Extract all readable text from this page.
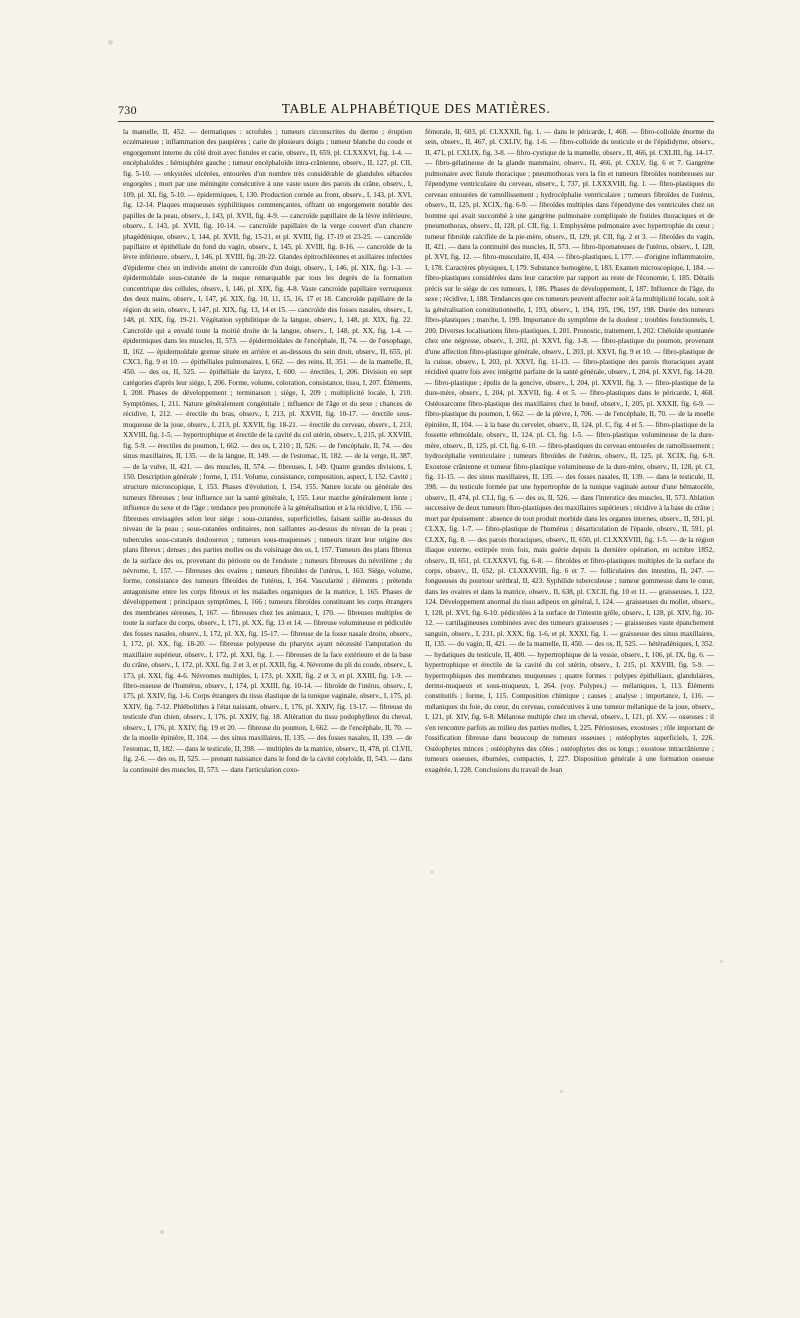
730	TABLE ALPHABÉTIQUE DES MATIÈRES.

la mamelle, II, 452. — dermatiques : scrofules ; tumeurs circonscrites du derme ; éruption eczémateuse ; inflammation des paupières ; carie de plusieurs doigts ; tumeur blanche du coude et engorgement interne du côté droit avec fistules et carie, observ., II, 659, pl. CLXXXVI, fig. 1-4. — encéphaloïdes : hémisphère gauche ; tumeur encéphaloïde intra-crânienne, observ., II, 127, pl. CII, fig. 5-10. — enkystées ulcérées, entourées d'un nombre très considérable de glandules sébacées engorgées ; mort par une méningite consécutive à une vaste usure des parois du crâne, observ., I, 109, pl. XI, fig. 5-10. — épidermiques, I, 130. Production cornée au front, observ., I, 143, pl. XVI, fig. 12-14. Plaques muqueuses syphilitiques commençantes, offrant un engorgement notable des papilles de la peau, observ., I, 143, pl. XVII, fig. 4-9. — cancroïde papillaire de la lèvre inférieure, observ., I, 143, pl. XVII, fig. 10-14. — cancroïde papillaire de la verge couvert d'un chancre phagédénique, observ., I, 144, pl. XVII, fig. 15-21, et pl. XVIII, fig. 17-19 et 23-25. — cancroïde papillaire et épithéliale du fond du vagin, observ., I, 145, pl. XVIII, fig. 8-16. — cancroïde de la lèvre inférieure, observ., I, 146, pl. XVIII, fig. 20-22. Glandes épitrochléennes et axillaires infectées d'épiderme chez un individu atteint de cancroïde d'un doigt, observ., I, 146, pl. XIX, fig. 1-3. — épidermoïdale sous-cutanée de la nuque remarquable par tous les degrés de la formation concentrique des cellules, observ., I, 146, pl. XIX, fig. 4-8. Vaste cancroïde papillaire verruqueux des deux mains, observ., I, 147, pl. XIX, fig. 10, 11, 15, 16, 17 et 18. Cancroïde papillaire de la région du sein, observ., I, 147, pl. XIX, fig. 13, 14 et 15. — cancroïde des fosses nasales, observ., I, 148, pl. XIX, fig. 19-21. Végétation syphilitique de la langue, observ., I, 148, pl. XIX, fig. 22. Cancroïde qui a envahi toute la moitié droite de la langue, observ., I, 148, pl. XX, fig. 1-4. — épidermiques dans les muscles, II, 573. — épidermoïdales de l'encéphale, II, 74. — de l'œsophage, II, 162. — épidermoïdale grenue située en arrière et au-dessous du sein droit, observ., II, 655, pl. CXCI, fig. 9 et 10. — épithéliales pulmonaires, I, 662. — des reins, II, 351. — de la mamelle, II, 450. — des os, II, 525. — épithéliale du larynx, I, 600. — érectiles, I, 206. Division en sept catégories d'après leur siége, I, 206. Forme, volume, coloration, consistance, tissu, I, 207. Éléments, I, 208. Phases de développement ; terminaison ; siége, I, 209 ; multiplicité locale, I, 210. Symptômes, I, 211. Nature généralement congénitale ; influence de l'âge et du sexe ; chances de récidive, I, 212. — érectile du bras, observ., I, 213, pl. XXVII, fig. 10-17. — érectile sous-muqueuse de la joue, observ., I, 213, pl. XXVII, fig. 18-21. — érectile du cerveau, observ., I, 213, XXVIII, fig. 1-5. — hypertrophique et érectile de la cavité du col utérin, observ., I, 215, pl. XXVIII, fig. 5-9. — érectiles du poumon, I, 662. — des os, I, 210 ; II, 526. — de l'encéphale, II, 74. — des sinus maxillaires, II, 135. — de la langue, II, 149. — de l'estomac, II, 182. — de la verge, II, 387. — de la vulve, II, 421. — des muscles, II, 574. — fibreuses, I, 149. Quatre grandes divisions, I, 150. Description générale ; forme, I, 151. Volume, consistance, composition, aspect, I, 152. Cavité ; structure microscopique, I, 153. Phases d'évolution, I, 154, 155. Nature locale ou générale des tumeurs fibreuses ; leur influence sur la santé générale, I, 155. Leur marche généralement lente ; influence du sexe et de l'âge ; tendance peu prononcée à la généralisation et à la récidive, I, 156. — fibreuses envisagées selon leur siége : sous-cutanées, superficielles, faisant saillie au-dessus du niveau de la peau ; sous-cutanées ordinaires, non saillantes au-dessus du niveau de la peau ; tubercules sous-cutanés douloureux ; tumeurs sous-muqueuses ; tumeurs tirant leur origine des plans fibreux ; denses ; des parties molles ou du voisinage des os, I, 157. Tumeurs des plans fibreux de la surface des os, provenant du périoste ou de l'endoste ; tumeurs fibreuses du névrilème ; du névrome, I, 157. — fibreuses des ovaires ; tumeurs fibroïdes de l'utérus, I, 163. Siége, volume, forme, consistance des tumeurs fibroïdes de l'utérus, I, 164. Vascularité ; éléments ; prétendu antagonisme entre les corps fibreux et les maladies organiques de la matrice, I, 165. Phases de développement ; principaux symptômes, I, 166 ; tumeurs fibroïdes constituant les corps étrangers des membranes séreuses, I, 167. — fibreuses chez les animaux, I, 170. — fibreuses multiples de toute la surface du corps, observ., I, 171, pl. XX, fig. 13 et 14. — fibreuse volumineuse et pédiculée des fosses nasales, observ., I, 172, pl. XX, fig. 15-17. — fibreuse de la fosse nasale droite, observ., I, 172, pl. XX, fig. 18-20. — fibreuse polypeuse du pharynx ayant nécessité l'amputation du maxillaire supérieur, observ., I, 172, pl. XXI, fig. 1. — fibreuses de la face extérieure et de la base du crâne, observ., I, 172, pl. XXI, fig. 2 et 3, et pl. XXII, fig. 4. Névrome du pli du coude, observ., I, 173, pl. XXI, fig. 4-6. Névromes multiples, I, 173, pl. XXII, fig. 2 et 3, et pl. XXIII, fig. 1-9. — fibro-osseuse de l'humérus, observ., I, 174, pl. XXIII, fig. 10-14. — fibroïde de l'utérus, observ., I, 175, pl. XXIV, fig. 1-6. Corps étrangers du tissu élastique de la tunique vaginale, observ., I, 175, pl. XXIV, fig. 7-12. Phlébolithes à l'état naissant, observ., I, 176, pl. XXIV, fig. 13-17. — fibreuse du testicule d'un chien, observ., I, 176, pl. XXIV, fig. 18. Altération du tissu podophylleux du cheval, observ., I, 176, pl. XXIV, fig. 19 et 20. — fibreuse du poumon, I, 662. — de l'encéphale, II, 70. — de la moelle épinière, II, 104. — des sinus maxillaires, II, 135. — des fosses nasales, II, 139. — de l'estomac, II, 182. — dans le testicule, II, 398. — multiples de la matrice, observ., II, 478, pl. CLVII, fig. 2-6. — des os, II, 525. — prenant naissance dans le fond de la cavité cotyloïde, II, 543. — dans la continuité des muscles, II, 573. — dans l'articulation coxo-

fémorale, II, 603, pl. CLXXXII, fig. 1. — dans le péricarde, I, 468. — fibro-colloïde énorme du sein, observ., II, 467, pl. CXLIV, fig. 1-6. — fibro-colloïde du testicule et de l'épididyme, observ., II, 471, pl. CXLIX, fig. 3-8. — fibro-cystique de la mamelle, observ., II, 466, pl. CXLIII, fig. 14-17. — fibro-gélatineuse de la glande mammaire, observ., II, 466, pl. CXLV, fig. 6 et 7. Gangrène pulmonaire avec fistule thoracique ; pneumothorax vers la fin et tumeurs fibroïdes nombreuses sur l'épendyme ventriculaire du cerveau, observ., I, 737, pl. LXXXVIII, fig. 1. — fibro-plastiques du cerveau entourées de ramollissement ; hydrocéphalie ventriculaire ; tumeurs fibroïdes de l'utérus, observ., II, 125, pl. XCIX, fig. 6-9. — fibroïdes multiples dans l'épendyme des ventricules chez un homme qui avait succombé à une gangrène pulmonaire compliquée de fistules thoraciques et de pneumothorax, observ., II, 128, pl. CII, fig. 1. Emphysème pulmonaire avec hypertrophie du cœur ; tumeur fibroïde calcifiée de la pie-mère, observ., II, 129, pl. CII, fig. 2 et 3. — fibroïdes du vagin, II, 421. — dans la continuité des muscles, II, 573. — fibro-lipomateuses de l'utérus, observ., I, 128, pl. XVI, fig. 12. — fibro-musculaire, II, 434. — fibro-plastiques, I, 177. — d'origine inflammatoire, I, 178. Caractères physiques, I, 179. Substance homogène, I, 183. Examen microscopique, I, 184. — fibro-plastiques considérées dans leur caractère par rapport au reste de l'économie, I, 185. Détails précis sur le siége de ces tumeurs, I, 186. Phases de développement, I, 187. Influence de l'âge, du sexe ; récidive, I, 188. Tendances que ces tumeurs peuvent affecter soit à la multiplicité locale, soit à la généralisation constitutionnelle, I, 193, observ., I, 194, 195, 196, 197, 198. Durée des tumeurs fibro-plastiques ; marche, I, 199. Importance du symptôme de la douleur ; troubles fonctionnels, I, 200. Diverses localisations fibro-plastiques, I, 201. Pronostic, traitement, I, 202. Chéloïde spontanée chez une négresse, observ., I, 202, pl. XXVI, fig. 1-8. — fibro-plastique du poumon, provenant d'une affection fibro-plastique générale, observ., I, 203, pl. XXVI, fig. 9 et 10. — fibro-plastique de la cuisse, observ., I, 203, pl. XXVI, fig. 11-13. — fibro-plastique des parois thoraciques ayant récidivé quatre fois avec intégrité parfaite de la santé générale, observ., I, 204, pl. XXVI, fig. 14-20. — fibro-plastique ; épulis de la gencive, observ., I, 204, pl. XXVII, fig. 3. — fibro-plastique de la dure-mère, observ., I, 204, pl. XXVII, fig. 4 et 5. — fibro-plastiques dans le péricarde, I, 468. Ostéosarcome fibro-plastique des maxillaires chez le bœuf, observ., I, 205, pl. XXXII, fig. 6-9. — fibro-plastique du poumon, I, 662. — de la plèvre, I, 706. — de l'encéphale, II, 70. — de la moelle épinière, II, 104. — à la base du cervelet, observ., II, 124, pl. C, fig. 4 et 5. — fibro-plastique de la fossette ethmoïdale, observ., II, 124, pl. CI, fig. 1-5. — fibro-plastique volumineuse de la dure-mère, observ., II, 125, pl. CI, fig. 6-10. — fibro-plastiques du cerveau entourées de ramollissement ; hydrocéphalie ventriculaire ; tumeurs fibroïdes de l'utérus, observ., II, 125, pl. XCIX, fig. 6-9. Exostose crânienne et tumeur fibro-plastique volumineuse de la dure-mère, observ., II, 128, pl. CI, fig. 11-15. — des sinus maxillaires, II, 135. — des fosses nasales, II, 139. — dans le testicule, II, 398. — du testicule formée par une hypertrophie de la tunique vaginale autour d'une hématocèle, observ., II, 474, pl. CLI, fig. 6. — des os, II, 526. — dans l'interstice des muscles, II, 573. Ablation successive de deux tumeurs fibro-plastiques des maxillaires supérieurs ; récidive à la base du crâne ; mort par épuisement : absence de tout produit morbide dans les organes internes, observ., II, 591, pl. CLXX, fig. 1-7. — fibro-plastique de l'humérus ; désarticulation de l'épaule, observ., II, 591, pl. CLXX, fig. 8. — des parois thoraciques, observ., II, 650, pl. CLXXXVIII, fig. 1-5. — de la région iliaque externe, extirpée trois fois, mais guérie depuis la dernière opération, en octobre 1852, observ., II, 651, pl. CLXXXVI, fig. 6-8. — fibroïdes et fibro-plastiques multiples de la surface du corps, observ., II, 652, pl. CLXXXVIII, fig. 6 et 7. — folliculaires des intestins, II, 247. — fongueuses du pourtour uréthral, II, 423. Syphilide tuberculeuse ; tumeur gommeuse dans le cœur, dans les ovaires et dans la matrice, observ., II, 638, pl. CXCII, fig. 10 et 11. — graisseuses, I, 122, 124. Développement anormal du tissu adipeux en général, I, 124. — graisseuses du mollet, observ., I, 128, pl. XVI, fig. 6-10. pédiculées à la surface de l'intestin grêle, observ., I, 128, pl. XIV, fig. 10-12. — cartilagineuses combinées avec des tumeurs graisseuses ; — graisseuses vaste épanchement sanguin, observ., I, 231, pl. XXX, fig. 1-6, et pl. XXXI, fig. 1. — graisseuse des sinus maxillaires, II, 135. — du vagin, II, 421. — de la mamelle, II, 450. — des os, II, 525. — hétéradéniques, I, 352. — hydatiques du testicule, II, 400. — hypertrophique de la vessie, observ., I, 106, pl. IX, fig. 6. — hypertrophique et érectile de la cavité du col utérin, observ., I, 215, pl. XXVIII, fig. 5-9. — hypertrophiques des membranes muqueuses ; quatre formes : polypes épithéliaux, glandulaires, dermo-muqueux et sous-muqueux, I, 264. (voy. Polypes.) — mélaniques, I, 113. Éléments constitutifs ; forme, I, 115. Composition chimique ; causes ; analyse ; importance, I, 116. — mélaniques du foie, du cœur, du cerveau, consécutives à une tumeur mélanique de la joue, observ., I, 121, pl. XIV, fig. 6-8. Mélanose multiple chez un cheval, observ., I, 121, pl. XV. — osseuses : il s'en rencontre parfois au milieu des parties molles, I, 225. Périostoses, exostoses ; rôle important de l'ossification fibreuse dans beaucoup de tumeurs osseuses ; ostéophytes superficiels, I, 226. Ostéophytes minces ; ostéophytes des côtes ; ostéophytes des os longs ; exostose intracrânienne ; tumeurs osseuses, éburnées, compactes, I, 227. Disposition générale à une formation osseuse exagérée, I, 228. Conclusions du travail de Jean
